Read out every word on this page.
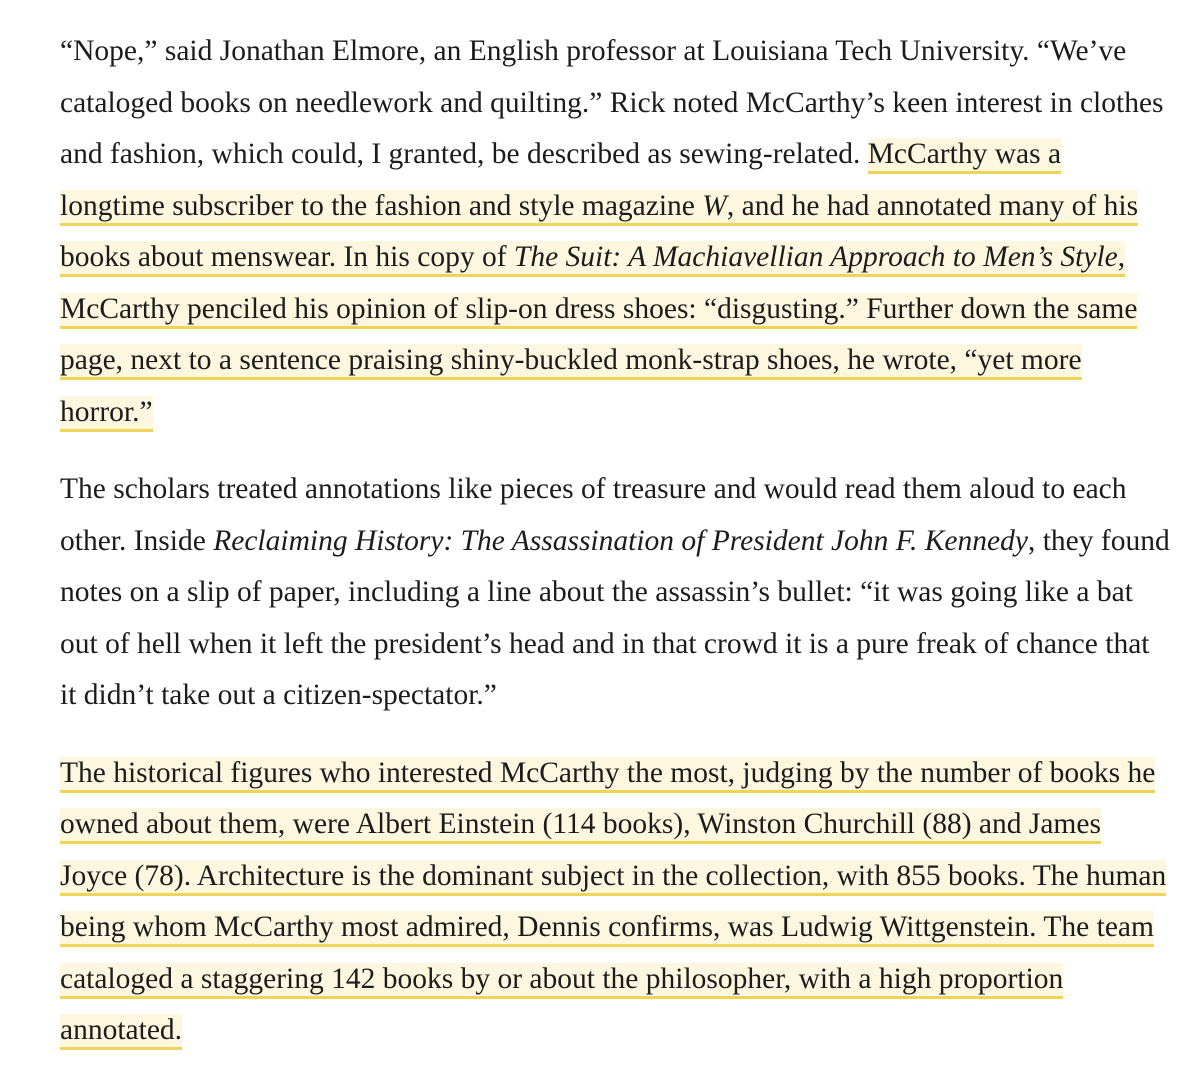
“Nope,” said Jonathan Elmore, an English professor at Louisiana Tech University. “We’ve cataloged books on needlework and quilting.” Rick noted McCarthy’s keen interest in clothes and fashion, which could, I granted, be described as sewing-related. McCarthy was a longtime subscriber to the fashion and style magazine W, and he had annotated many of his books about menswear. In his copy of The Suit: A Machiavellian Approach to Men’s Style, McCarthy penciled his opinion of slip-on dress shoes: “disgusting.” Further down the same page, next to a sentence praising shiny-buckled monk-strap shoes, he wrote, “yet more horror.”

The scholars treated annotations like pieces of treasure and would read them aloud to each other. Inside Reclaiming History: The Assassination of President John F. Kennedy, they found notes on a slip of paper, including a line about the assassin’s bullet: “it was going like a bat out of hell when it left the president’s head and in that crowd it is a pure freak of chance that it didn’t take out a citizen-spectator.”

The historical figures who interested McCarthy the most, judging by the number of books he owned about them, were Albert Einstein (114 books), Winston Churchill (88) and James Joyce (78). Architecture is the dominant subject in the collection, with 855 books. The human being whom McCarthy most admired, Dennis confirms, was Ludwig Wittgenstein. The team cataloged a staggering 142 books by or about the philosopher, with a high proportion annotated.
